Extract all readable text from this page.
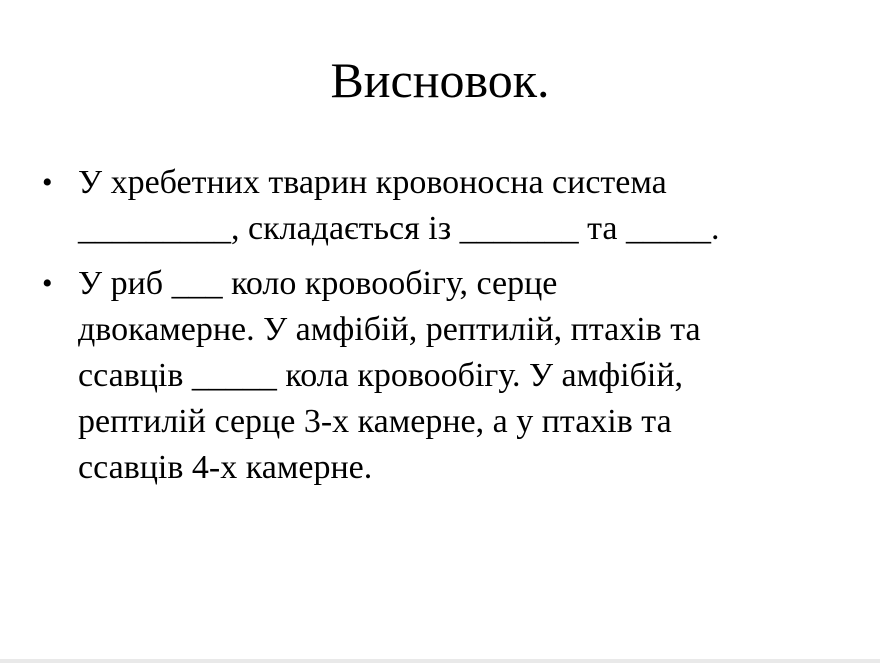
Висновок.
• У хребетних тварин кровоносна система
_________, складається із _______ та _____.
• У риб ___ коло кровообігу, серце
двокамерне. У амфібій, рептилій, птахів та
ссавців _____ кола кровообігу. У амфібій,
рептилій серце 3-х камерне, а у птахів та
ссавців 4-х камерне.
